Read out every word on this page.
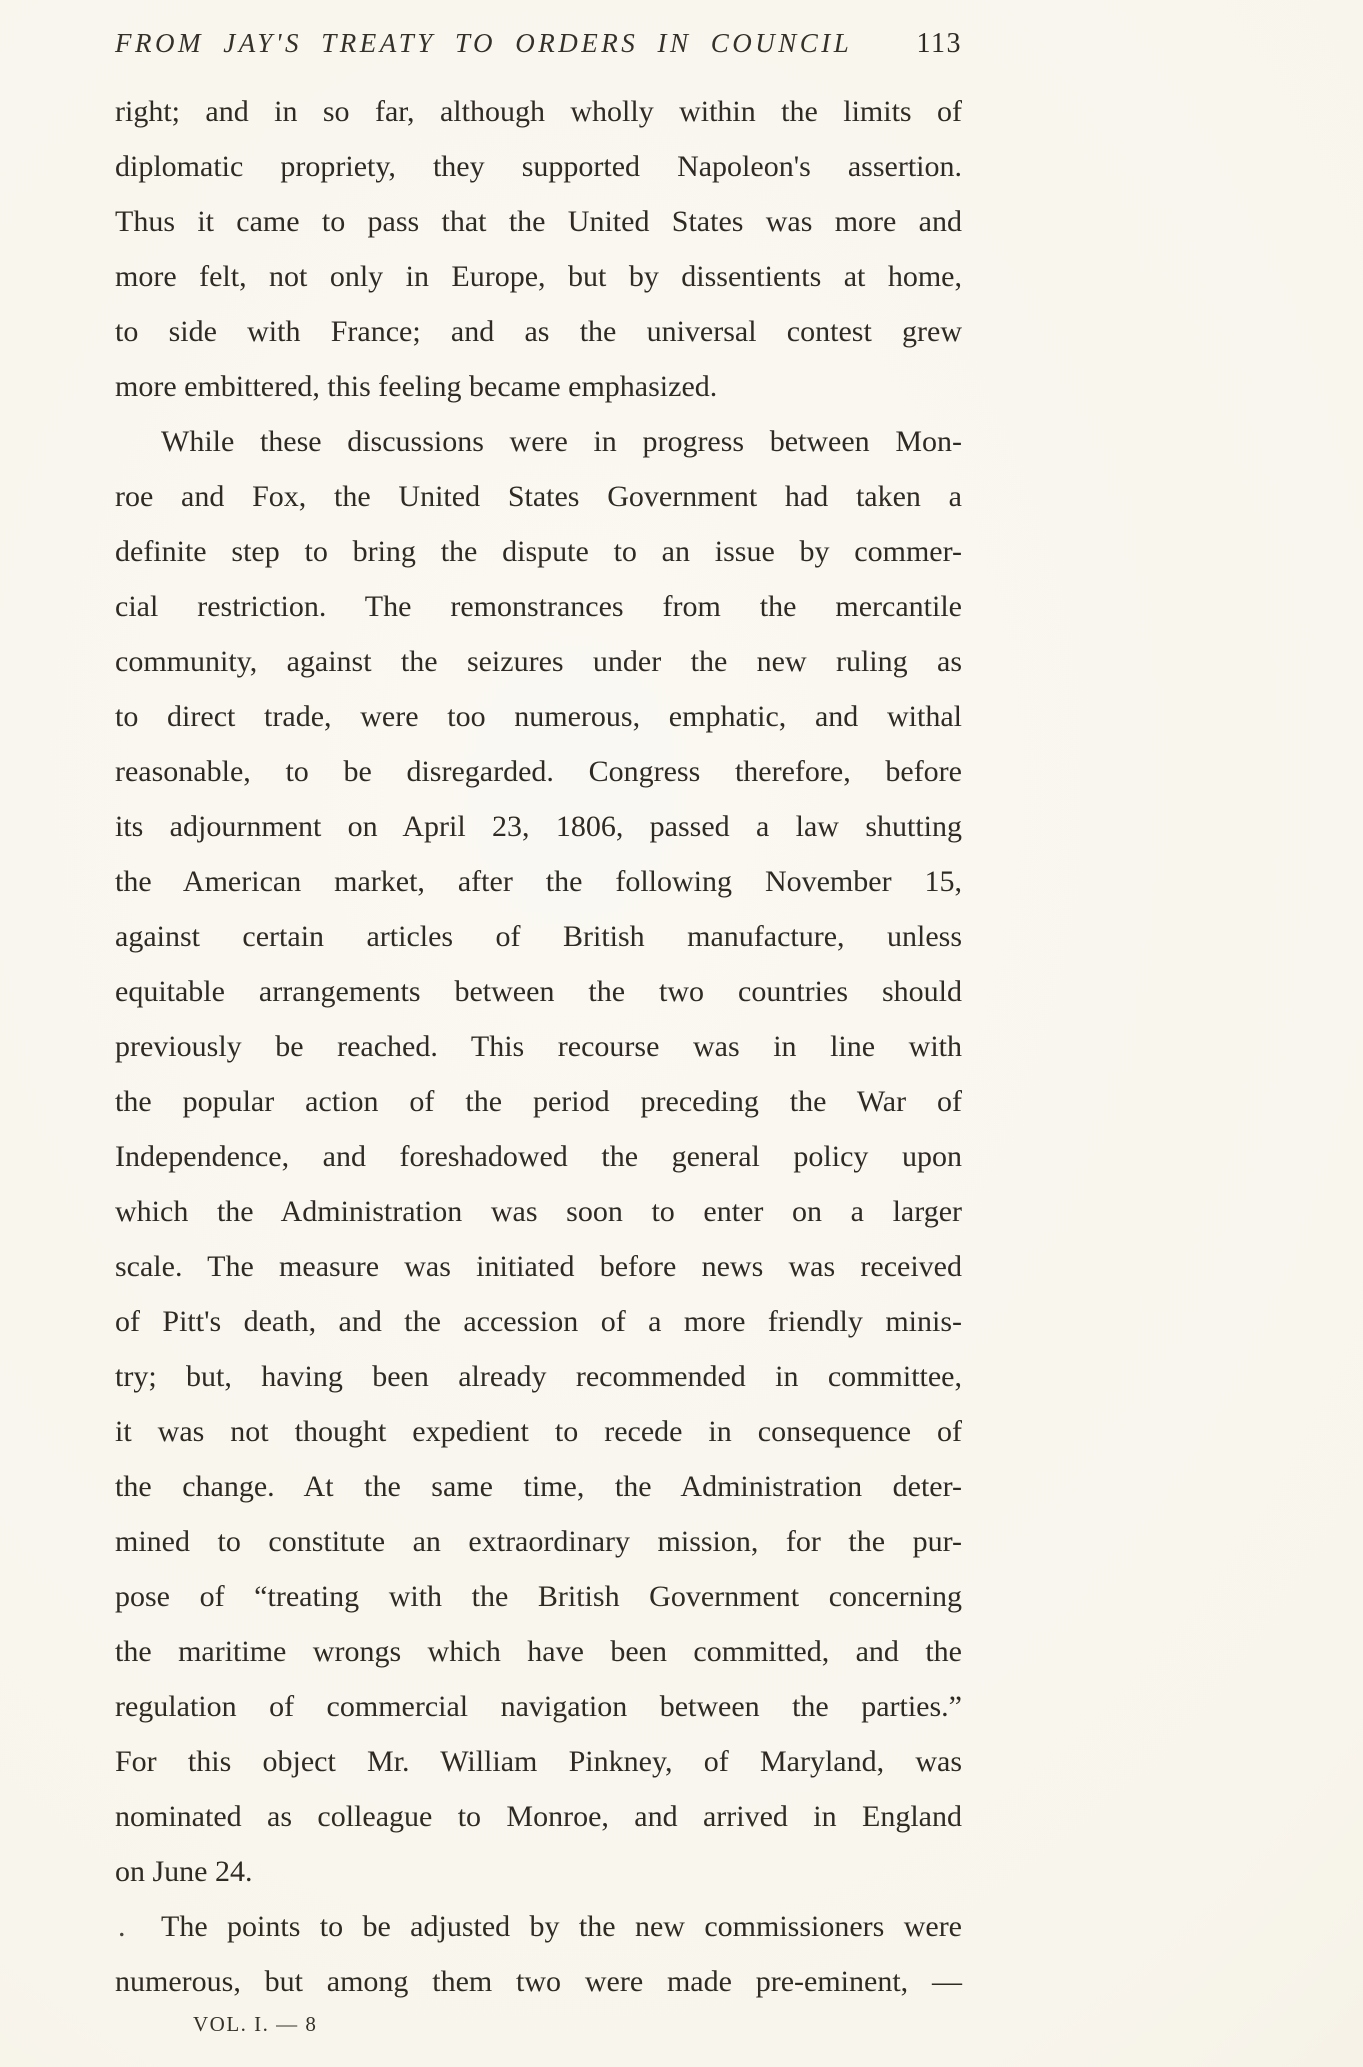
FROM JAY'S TREATY TO ORDERS IN COUNCIL 113
right; and in so far, although wholly within the limits of
diplomatic propriety, they supported Napoleon's assertion.
Thus it came to pass that the United States was more and
more felt, not only in Europe, but by dissentients at home,
to side with France; and as the universal contest grew
more embittered, this feeling became emphasized.
While these discussions were in progress between Mon-
roe and Fox, the United States Government had taken a
definite step to bring the dispute to an issue by commer-
cial restriction. The remonstrances from the mercantile
community, against the seizures under the new ruling as
to direct trade, were too numerous, emphatic, and withal
reasonable, to be disregarded. Congress therefore, before
its adjournment on April 23, 1806, passed a law shutting
the American market, after the following November 15,
against certain articles of British manufacture, unless
equitable arrangements between the two countries should
previously be reached. This recourse was in line with
the popular action of the period preceding the War of
Independence, and foreshadowed the general policy upon
which the Administration was soon to enter on a larger
scale. The measure was initiated before news was received
of Pitt's death, and the accession of a more friendly minis-
try; but, having been already recommended in committee,
it was not thought expedient to recede in consequence of
the change. At the same time, the Administration deter-
mined to constitute an extraordinary mission, for the pur-
pose of “treating with the British Government concerning
the maritime wrongs which have been committed, and the
regulation of commercial navigation between the parties.”
For this object Mr. William Pinkney, of Maryland, was
nominated as colleague to Monroe, and arrived in England
on June 24.
. The points to be adjusted by the new commissioners were
numerous, but among them two were made pre-eminent, —
VOL. I. — 8
